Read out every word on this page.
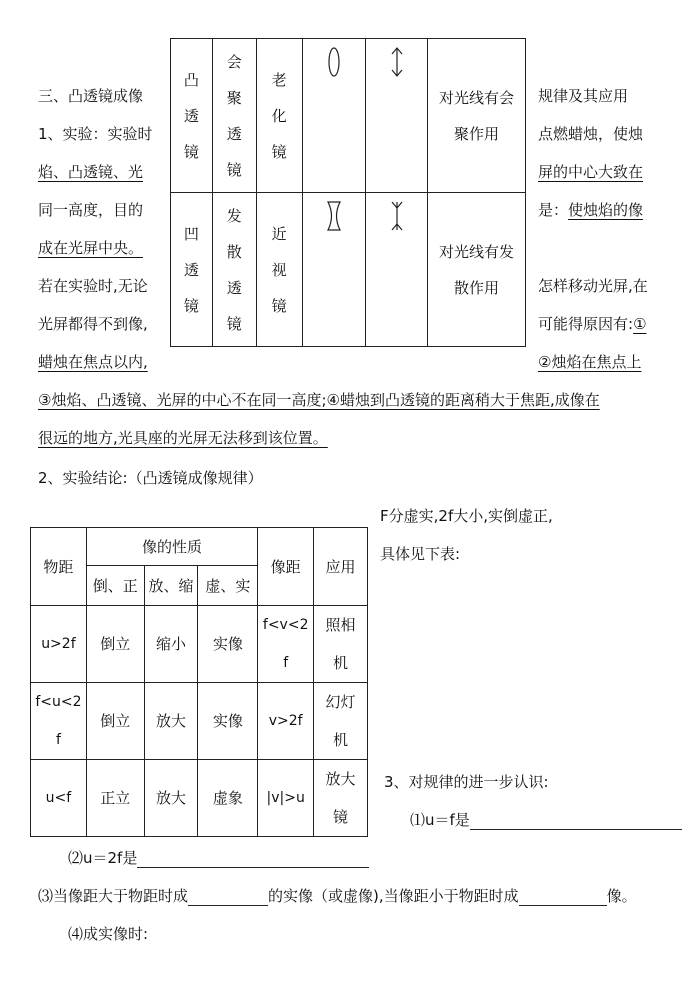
三、凸透镜成像	规律及其应用
1、实验：实验时	点燃蜡烛，使烛
焰、凸透镜、光	屏的中心大致在
同一高度，目的	是：使烛焰的像
成在光屏中央。
若在实验时,无论	怎样移动光屏,在
光屏都得不到像,	可能得原因有:①
蜡烛在焦点以内,	②烛焰在焦点上
③烛焰、凸透镜、光屏的中心不在同一高度;④蜡烛到凸透镜的距离稍大于焦距,成像在
很远的地方,光具座的光屏无法移到该位置。
凸透镜	会聚透镜	老化镜			对光线有会聚作用

凹透镜	发散透镜	近视镜			对光线有发散作用
2、实验结论:（凸透镜成像规律）
F分虚实,2f大小,实倒虚正,
具体见下表:
物距	像的性质			像距	应用
	倒、正	放、缩	虚、实		
u>2f	倒立	缩小	实像	f<v<2f	照相机
f<u<2f	倒立	放大	实像	v>2f	幻灯机
u<f	正立	放大	虚象	|v|>u	放大镜
3、对规律的进一步认识:
⑴u＝f是
⑵u＝2f是
⑶当像距大于物距时成	的实像（或虚像),当像距小于物距时成	像。
⑷成实像时:
